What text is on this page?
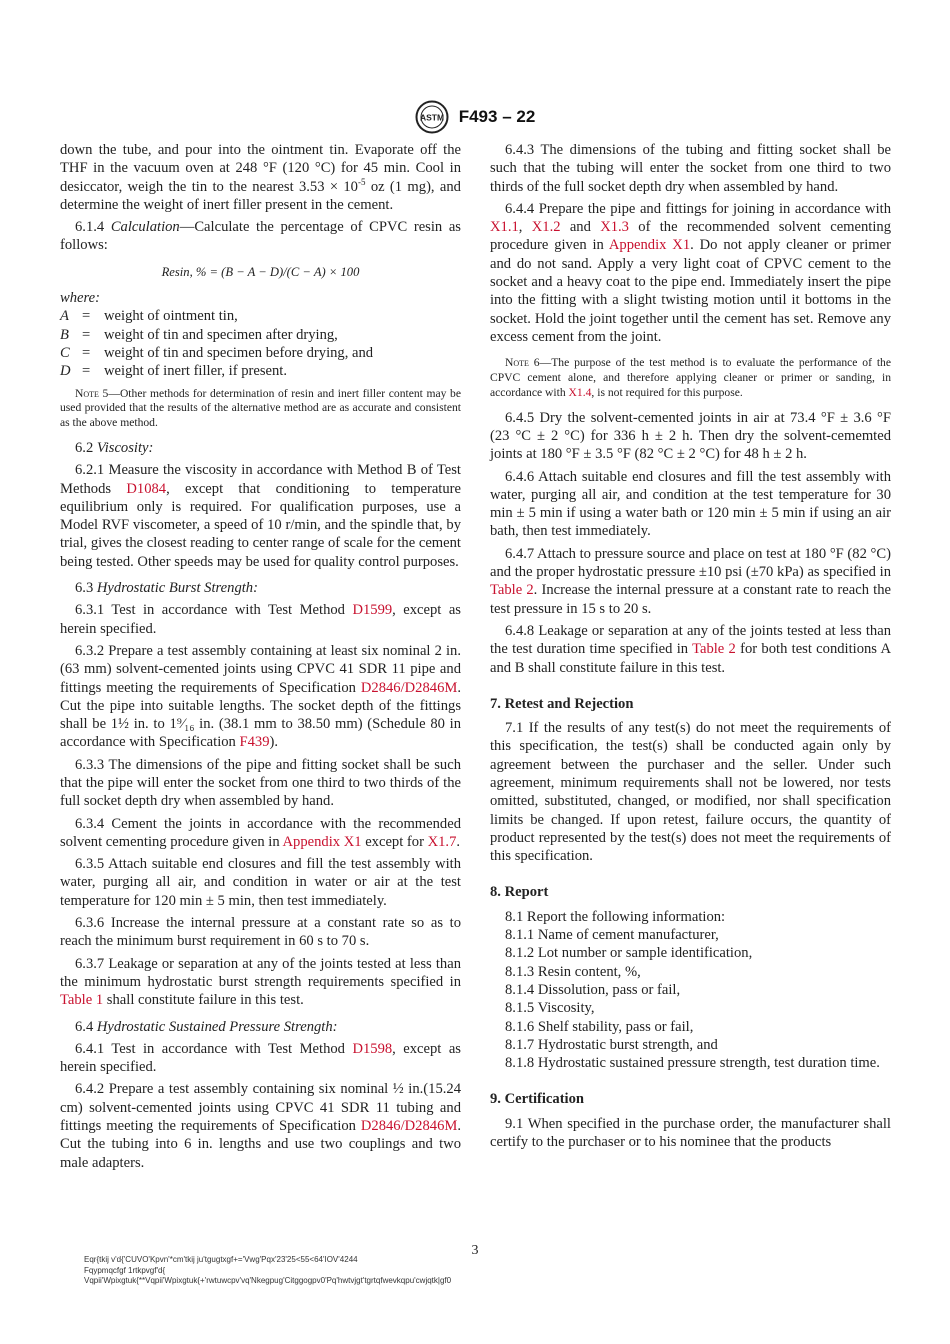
ASTM F493 – 22

down the tube, and pour into the ointment tin. Evaporate off the THF in the vacuum oven at 248 °F (120 °C) for 45 min. Cool in desiccator, weigh the tin to the nearest $3.53 \times 10^{-5}$ oz (1 mg), and determine the weight of inert filler present in the cement.

6.1.4 Calculation—Calculate the percentage of CPVC resin as follows:

Resin, % = (B − A − D)/(C − A) × 100

where:

A = weight of ointment tin,
B = weight of tin and specimen after drying,
C = weight of tin and specimen before drying, and
D = weight of inert filler, if present.

Note 5—Other methods for determination of resin and inert filler content may be used provided that the results of the alternative method are as accurate and consistent as the above method.

6.2 Viscosity:

6.2.1 Measure the viscosity in accordance with Method B of Test Methods D1084, except that conditioning to temperature equilibrium only is required. For qualification purposes, use a Model RVF viscometer, a speed of 10 r/min, and the spindle that, by trial, gives the closest reading to center range of scale for the cement being tested. Other speeds may be used for quality control purposes.

6.3 Hydrostatic Burst Strength:

6.3.1 Test in accordance with Test Method D1599, except as herein specified.

6.3.2 Prepare a test assembly containing at least six nominal 2 in. (63 mm) solvent-cemented joints using CPVC 41 SDR 11 pipe and fittings meeting the requirements of Specification D2846/D2846M. Cut the pipe into suitable lengths. The socket depth of the fittings shall be 1½ in. to 1⁹⁄₁₆ in. (38.1 mm to 38.50 mm) (Schedule 80 in accordance with Specification F439).

6.3.3 The dimensions of the pipe and fitting socket shall be such that the pipe will enter the socket from one third to two thirds of the full socket depth dry when assembled by hand.

6.3.4 Cement the joints in accordance with the recommended solvent cementing procedure given in Appendix X1 except for X1.7.

6.3.5 Attach suitable end closures and fill the test assembly with water, purging all air, and condition in water or air at the test temperature for 120 min ± 5 min, then test immediately.

6.3.6 Increase the internal pressure at a constant rate so as to reach the minimum burst requirement in 60 s to 70 s.

6.3.7 Leakage or separation at any of the joints tested at less than the minimum hydrostatic burst strength requirements specified in Table 1 shall constitute failure in this test.

6.4 Hydrostatic Sustained Pressure Strength:

6.4.1 Test in accordance with Test Method D1598, except as herein specified.

6.4.2 Prepare a test assembly containing six nominal ½ in.(15.24 cm) solvent-cemented joints using CPVC 41 SDR 11 tubing and fittings meeting the requirements of Specification D2846/D2846M. Cut the tubing into 6 in. lengths and use two couplings and two male adapters.

6.4.3 The dimensions of the tubing and fitting socket shall be such that the tubing will enter the socket from one third to two thirds of the full socket depth dry when assembled by hand.

6.4.4 Prepare the pipe and fittings for joining in accordance with X1.1, X1.2 and X1.3 of the recommended solvent cementing procedure given in Appendix X1. Do not apply cleaner or primer and do not sand. Apply a very light coat of CPVC cement to the socket and a heavy coat to the pipe end. Immediately insert the pipe into the fitting with a slight twisting motion until it bottoms in the socket. Hold the joint together until the cement has set. Remove any excess cement from the joint.

Note 6—The purpose of the test method is to evaluate the performance of the CPVC cement alone, and therefore applying cleaner or primer or sanding, in accordance with X1.4, is not required for this purpose.

6.4.5 Dry the solvent-cemented joints in air at 73.4 °F ± 3.6 °F (23 °C ± 2 °C) for 336 h ± 2 h. Then dry the solvent-cememted joints at 180 °F ± 3.5 °F (82 °C ± 2 °C) for 48 h ± 2 h.

6.4.6 Attach suitable end closures and fill the test assembly with water, purging all air, and condition at the test temperature for 30 min ± 5 min if using a water bath or 120 min ± 5 min if using an air bath, then test immediately.

6.4.7 Attach to pressure source and place on test at 180 °F (82 °C) and the proper hydrostatic pressure ±10 psi (±70 kPa) as specified in Table 2. Increase the internal pressure at a constant rate to reach the test pressure in 15 s to 20 s.

6.4.8 Leakage or separation at any of the joints tested at less than the test duration time specified in Table 2 for both test conditions A and B shall constitute failure in this test.

7. Retest and Rejection

7.1 If the results of any test(s) do not meet the requirements of this specification, the test(s) shall be conducted again only by agreement between the purchaser and the seller. Under such agreement, minimum requirements shall not be lowered, nor tests omitted, substituted, changed, or modified, nor shall specification limits be changed. If upon retest, failure occurs, the quantity of product represented by the test(s) does not meet the requirements of this specification.

8. Report

8.1 Report the following information:

8.1.1 Name of cement manufacturer,

8.1.2 Lot number or sample identification,

8.1.3 Resin content, %,

8.1.4 Dissolution, pass or fail,

8.1.5 Viscosity,

8.1.6 Shelf stability, pass or fail,

8.1.7 Hydrostatic burst strength, and

8.1.8 Hydrostatic sustained pressure strength, test duration time.

9. Certification

9.1 When specified in the purchase order, the manufacturer shall certify to the purchaser or to his nominee that the products

3
Eqr{tkij v'd{'CUVO'Kpvn'*cm'tkij ju'tgugtxgf+='Vwg'Pqx'23'25<55<64'IOV'4244
Fqypmqcfgf 1rtkpvgf'd{
Vqpii'Wpixgtuk{**Vqpii'Wpixgtuk{+'rwtuwcpv'vq'Nkegpug'Citggogpv0'Pq'hwtvjgt'tgrtqfwevkqpu'cwjqtk|gf0
